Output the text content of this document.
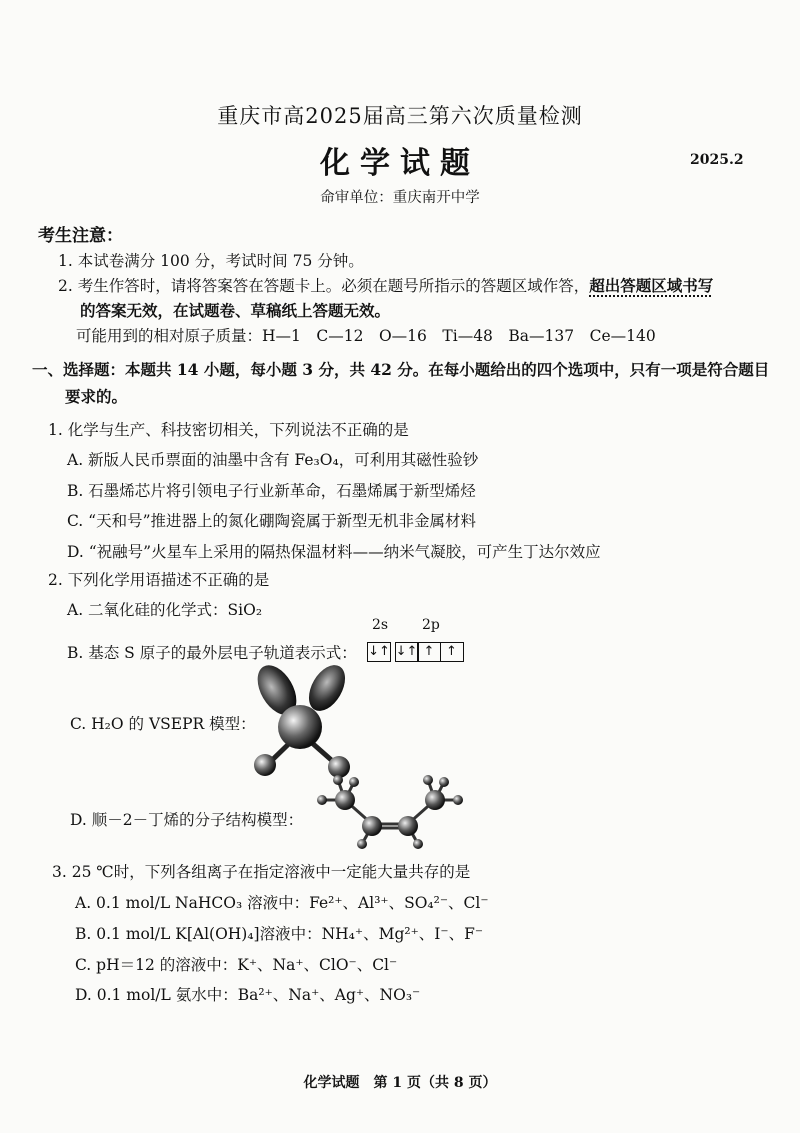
重庆市高2025届高三第六次质量检测
化学试题	2025.2
命审单位：重庆南开中学
考生注意：
1. 本试卷满分 100 分，考试时间 75 分钟。
2. 考生作答时，请将答案答在答题卡上。必须在题号所指示的答题区域作答，超出答题区域书写
的答案无效，在试题卷、草稿纸上答题无效。
可能用到的相对原子质量：H—1　C—12　O—16　Ti—48　Ba—137　Ce—140
一、选择题：本题共 14 小题，每小题 3 分，共 42 分。在每小题给出的四个选项中，只有一项是符合题目
要求的。
1. 化学与生产、科技密切相关，下列说法不正确的是
A. 新版人民币票面的油墨中含有 Fe₃O₄，可利用其磁性验钞
B. 石墨烯芯片将引领电子行业新革命，石墨烯属于新型烯烃
C. “天和号”推进器上的氮化硼陶瓷属于新型无机非金属材料
D. “祝融号”火星车上采用的隔热保温材料——纳米气凝胶，可产生丁达尔效应
2. 下列化学用语描述不正确的是
A. 二氧化硅的化学式：SiO₂
B. 基态 S 原子的最外层电子轨道表示式：
2s 2p
↓↑ ↓↑ ↑ ↑
C. H₂O 的 VSEPR 模型：
D. 顺－2－丁烯的分子结构模型：
3. 25 ℃时，下列各组离子在指定溶液中一定能大量共存的是
A. 0.1 mol/L NaHCO₃ 溶液中：Fe²⁺、Al³⁺、SO₄²⁻、Cl⁻
B. 0.1 mol/L K[Al(OH)₄]溶液中：NH₄⁺、Mg²⁺、I⁻、F⁻
C. pH＝12 的溶液中：K⁺、Na⁺、ClO⁻、Cl⁻
D. 0.1 mol/L 氨水中：Ba²⁺、Na⁺、Ag⁺、NO₃⁻
化学试题　第 1 页（共 8 页）
